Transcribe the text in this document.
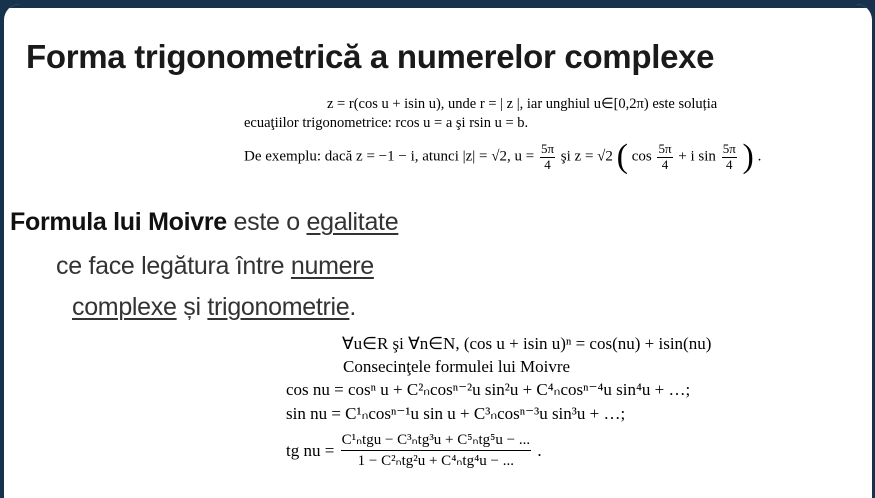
Forma trigonometrică a numerelor complexe
z = r(cos u + isin u), unde r = | z |, iar unghiul u∈[0,2π) este soluția
ecuaţiilor trigonometrice: rcos u = a şi rsin u = b.
De exemplu: dacă z = −1 − i, atunci |z| = √2, $u = \frac{5\pi}{4}$ şi z = √2 ( $\cos \frac{5\pi}{4} + i$ $\sin \frac{5\pi}{4}$ ) .
Formula lui Moivre este o egalitate
ce face legătura între numere
complexe și trigonometrie.
∀u∈R şi ∀n∈N, (cos u + isin u)ⁿ = cos(nu) + isin(nu)
Consecinţele formulei lui Moivre
cos nu = cosⁿ u + C²ₙcosⁿ⁻²u sin²u + C⁴ₙcosⁿ⁻⁴u sin⁴u + …;
sin nu = C¹ₙcosⁿ⁻¹u sin u + C³ₙcosⁿ⁻³u sin³u + …;
tg nu = $\frac{\text{C¹ₙtgu − C³ₙtg³u + C⁵ₙtg⁵u − ...}}{\text{1 − C²ₙtg²u + C⁴ₙtg⁴u − ...}}$ .
